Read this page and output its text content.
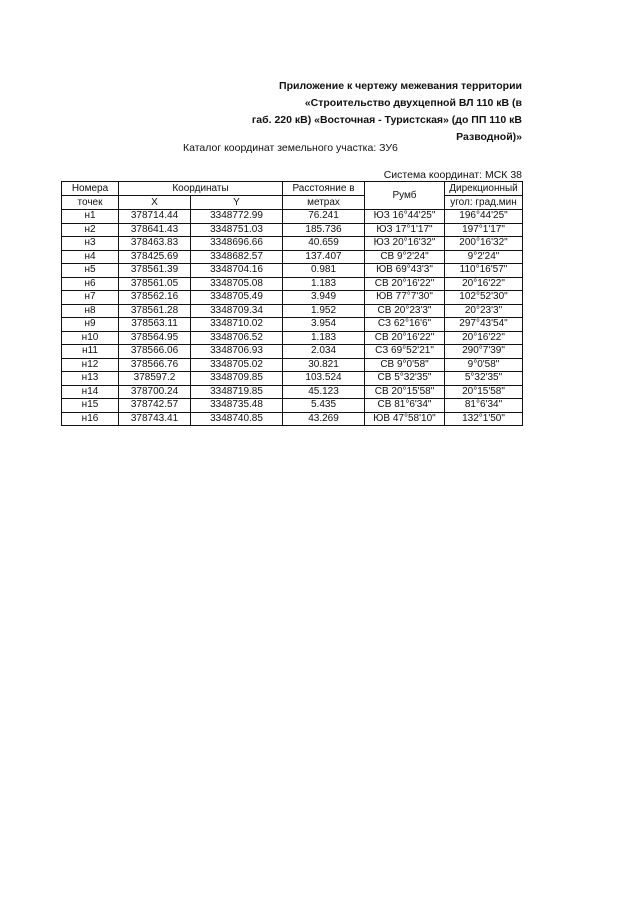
Приложение к чертежу межевания территории
«Строительство двухцепной ВЛ 110 кВ (в
габ. 220 кВ) «Восточная - Туристская» (до ПП 110 кВ
Разводной)»
Каталог координат земельного участка: ЗУ6
Система координат: МСК 38
Номера	Координаты		Расстояние в	Румб	Дирекционный
точек	X	Y	метрах		угол: град.мин
н1	378714.44	3348772.99	76.241	ЮЗ 16°44'25"	196°44'25"
н2	378641.43	3348751.03	185.736	ЮЗ 17°1'17"	197°1'17"
н3	378463.83	3348696.66	40.659	ЮЗ 20°16'32"	200°16'32"
н4	378425.69	3348682.57	137.407	СВ 9°2'24"	9°2'24"
н5	378561.39	3348704.16	0.981	ЮВ 69°43'3"	110°16'57"
н6	378561.05	3348705.08	1.183	СВ 20°16'22"	20°16'22"
н7	378562.16	3348705.49	3.949	ЮВ 77°7'30"	102°52'30"
н8	378561.28	3348709.34	1.952	СВ 20°23'3"	20°23'3"
н9	378563.11	3348710.02	3.954	СЗ 62°16'6"	297°43'54"
н10	378564.95	3348706.52	1.183	СВ 20°16'22"	20°16'22"
н11	378566.06	3348706.93	2.034	СЗ 69°52'21"	290°7'39"
н12	378566.76	3348705.02	30.821	СВ 9°0'58"	9°0'58"
н13	378597.2	3348709.85	103.524	СВ 5°32'35"	5°32'35"
н14	378700.24	3348719.85	45.123	СВ 20°15'58"	20°15'58"
н15	378742.57	3348735.48	5.435	СВ 81°6'34"	81°6'34"
н16	378743.41	3348740.85	43.269	ЮВ 47°58'10"	132°1'50"
